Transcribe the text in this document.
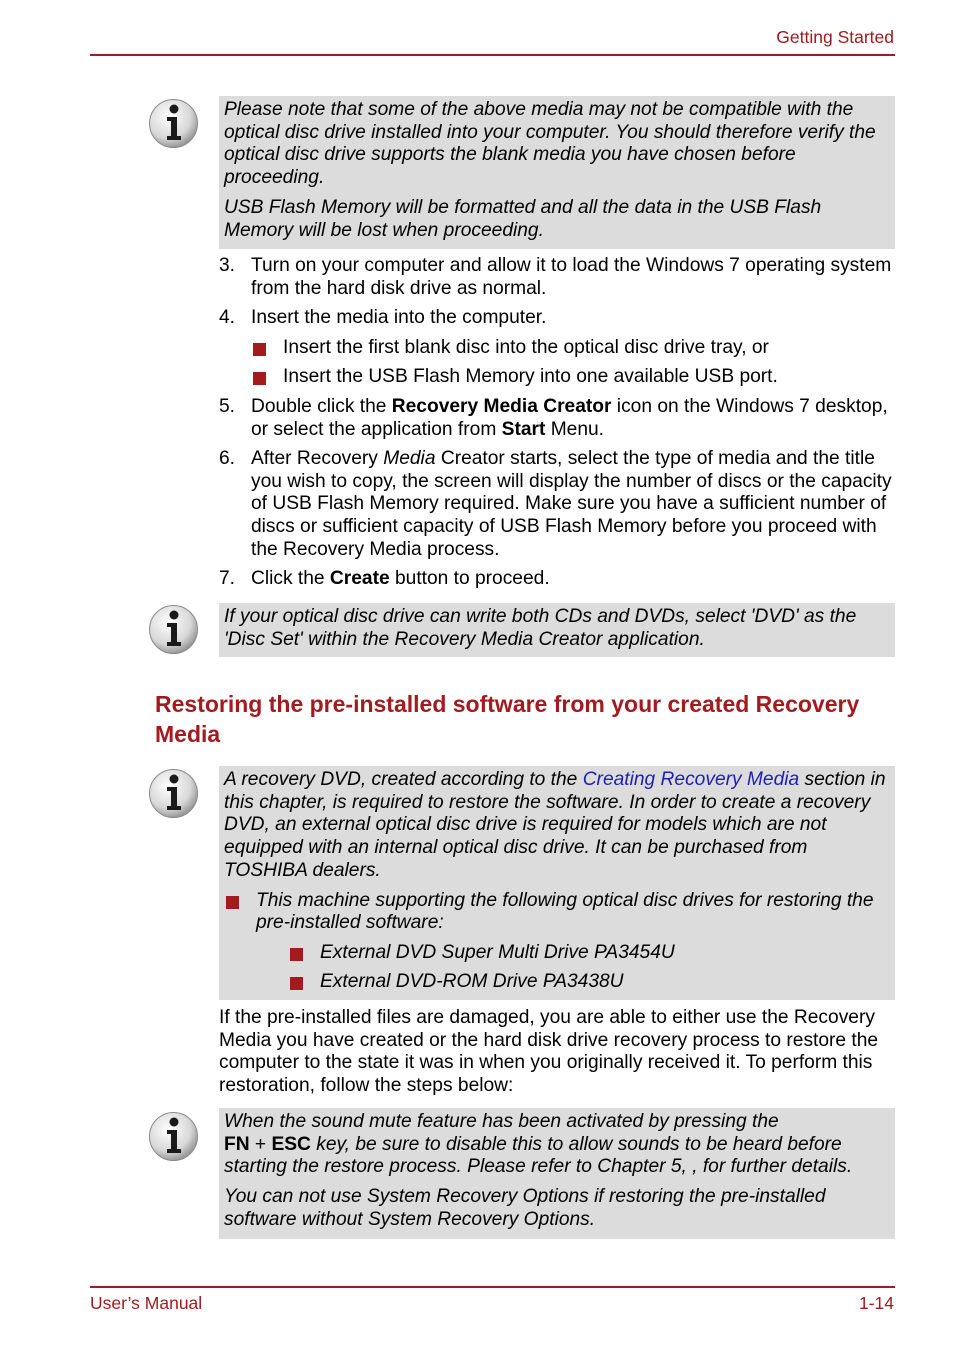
Getting Started

Please note that some of the above media may not be compatible with the optical disc drive installed into your computer. You should therefore verify the optical disc drive supports the blank media you have chosen before proceeding.

USB Flash Memory will be formatted and all the data in the USB Flash Memory will be lost when proceeding.

3. Turn on your computer and allow it to load the Windows 7 operating system from the hard disk drive as normal.
4. Insert the media into the computer.
Insert the first blank disc into the optical disc drive tray, or
Insert the USB Flash Memory into one available USB port.
5. Double click the Recovery Media Creator icon on the Windows 7 desktop, or select the application from Start Menu.
6. After Recovery Media Creator starts, select the type of media and the title you wish to copy, the screen will display the number of discs or the capacity of USB Flash Memory required. Make sure you have a sufficient number of discs or sufficient capacity of USB Flash Memory before you proceed with the Recovery Media process.
7. Click the Create button to proceed.

If your optical disc drive can write both CDs and DVDs, select 'DVD' as the 'Disc Set' within the Recovery Media Creator application.

Restoring the pre-installed software from your created Recovery Media

A recovery DVD, created according to the Creating Recovery Media section in this chapter, is required to restore the software. In order to create a recovery DVD, an external optical disc drive is required for models which are not equipped with an internal optical disc drive. It can be purchased from TOSHIBA dealers.

This machine supporting the following optical disc drives for restoring the pre-installed software:
External DVD Super Multi Drive PA3454U
External DVD-ROM Drive PA3438U
If the pre-installed files are damaged, you are able to either use the Recovery Media you have created or the hard disk drive recovery process to restore the computer to the state it was in when you originally received it. To perform this restoration, follow the steps below:

When the sound mute feature has been activated by pressing the
FN + ESC key, be sure to disable this to allow sounds to be heard before starting the restore process. Please refer to Chapter 5, , for further details.

You can not use System Recovery Options if restoring the pre-installed software without System Recovery Options.

User’s Manual	1-14
